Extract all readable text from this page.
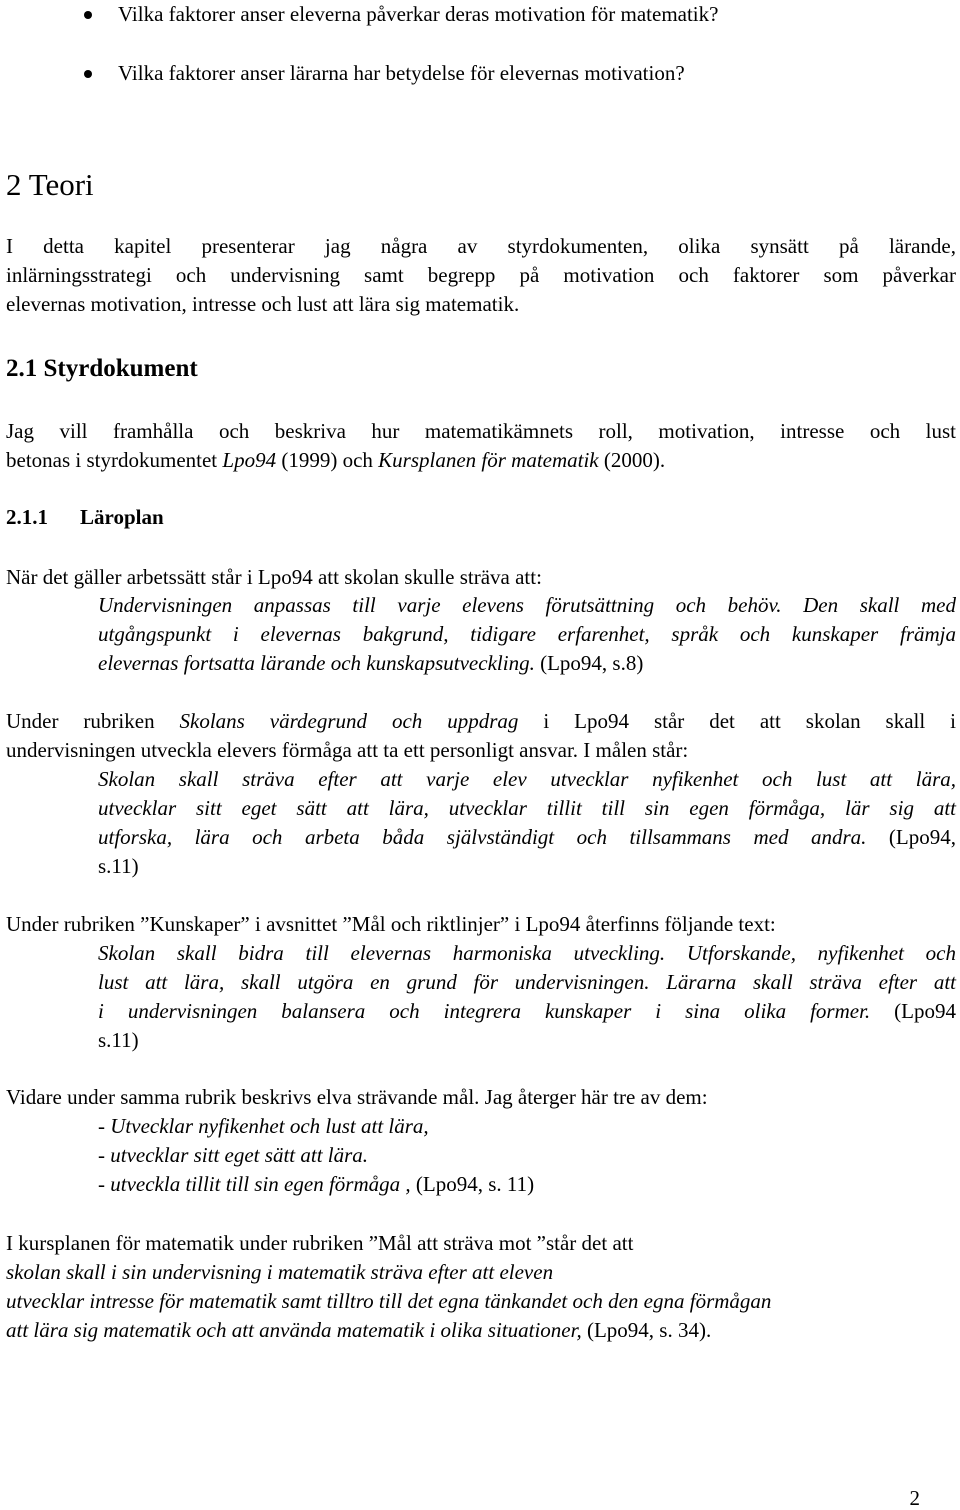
Vilka faktorer anser eleverna påverkar deras motivation för matematik?
Vilka faktorer anser lärarna har betydelse för elevernas motivation?
2 Teori
I detta kapitel presenterar jag några av styrdokumenten, olika synsätt på lärande,
inlärningsstrategi och undervisning samt begrepp på motivation och faktorer som påverkar
elevernas motivation, intresse och lust att lära sig matematik.
2.1 Styrdokument
Jag vill framhålla och beskriva hur matematikämnets roll, motivation, intresse och lust
betonas i styrdokumentet Lpo94 (1999) och Kursplanen för matematik (2000).
2.1.1 Läroplan
När det gäller arbetssätt står i Lpo94 att skolan skulle sträva att:
Undervisningen anpassas till varje elevens förutsättning och behöv. Den skall med
utgångspunkt i elevernas bakgrund, tidigare erfarenhet, språk och kunskaper främja
elevernas fortsatta lärande och kunskapsutveckling. (Lpo94, s.8)
Under rubriken Skolans värdegrund och uppdrag i Lpo94 står det att skolan skall i
undervisningen utveckla elevers förmåga att ta ett personligt ansvar. I målen står:
Skolan skall sträva efter att varje elev utvecklar nyfikenhet och lust att lära,
utvecklar sitt eget sätt att lära, utvecklar tillit till sin egen förmåga, lär sig att
utforska, lära och arbeta båda självständigt och tillsammans med andra. (Lpo94,
s.11)
Under rubriken ”Kunskaper” i avsnittet ”Mål och riktlinjer” i Lpo94 återfinns följande text:
Skolan skall bidra till elevernas harmoniska utveckling. Utforskande, nyfikenhet och
lust att lära, skall utgöra en grund för undervisningen. Lärarna skall sträva efter att
i undervisningen balansera och integrera kunskaper i sina olika former. (Lpo94
s.11)
Vidare under samma rubrik beskrivs elva strävande mål. Jag återger här tre av dem:
- Utvecklar nyfikenhet och lust att lära,
- utvecklar sitt eget sätt att lära.
- utveckla tillit till sin egen förmåga , (Lpo94, s. 11)
I kursplanen för matematik under rubriken ”Mål att sträva mot ”står det att
skolan skall i sin undervisning i matematik sträva efter att eleven
utvecklar intresse för matematik samt tilltro till det egna tänkandet och den egna förmågan
att lära sig matematik och att använda matematik i olika situationer, (Lpo94, s. 34).
2
